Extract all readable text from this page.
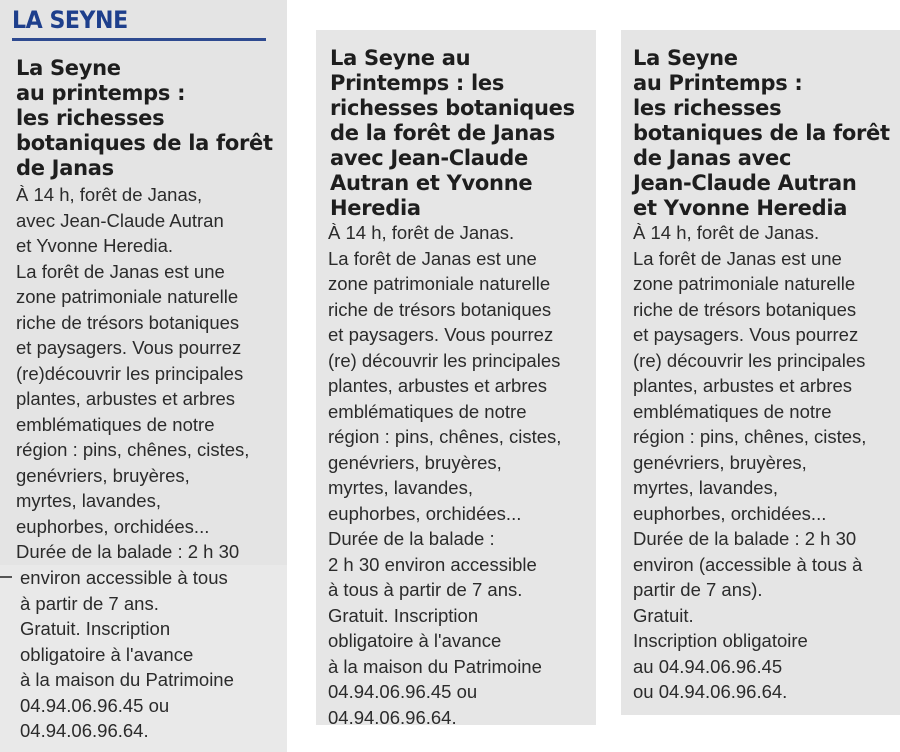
LA SEYNE
La Seyne
au printemps :
les richesses
botaniques de la forêt
de Janas

À 14 h, forêt de Janas,
avec Jean-Claude Autran
et Yvonne Heredia.
La forêt de Janas est une
zone patrimoniale naturelle
riche de trésors botaniques
et paysagers. Vous pourrez
(re)découvrir les principales
plantes, arbustes et arbres
emblématiques de notre
région : pins, chênes, cistes,
genévriers, bruyères,
myrtes, lavandes,
euphorbes, orchidées...
Durée de la balade : 2 h 30

environ accessible à tous
à partir de 7 ans.
Gratuit. Inscription
obligatoire à l'avance
à la maison du Patrimoine
04.94.06.96.45 ou
04.94.06.96.64.

La Seyne au
Printemps : les
richesses botaniques
de la forêt de Janas
avec Jean-Claude
Autran et Yvonne
Heredia

À 14 h, forêt de Janas.
La forêt de Janas est une
zone patrimoniale naturelle
riche de trésors botaniques
et paysagers. Vous pourrez
(re) découvrir les principales
plantes, arbustes et arbres
emblématiques de notre
région : pins, chênes, cistes,
genévriers, bruyères,
myrtes, lavandes,
euphorbes, orchidées...
Durée de la balade :
2 h 30 environ accessible
à tous à partir de 7 ans.
Gratuit. Inscription
obligatoire à l'avance
à la maison du Patrimoine
04.94.06.96.45 ou
04.94.06.96.64.

La Seyne
au Printemps :
les richesses
botaniques de la forêt
de Janas avec
Jean-Claude Autran
et Yvonne Heredia

À 14 h, forêt de Janas.
La forêt de Janas est une
zone patrimoniale naturelle
riche de trésors botaniques
et paysagers. Vous pourrez
(re) découvrir les principales
plantes, arbustes et arbres
emblématiques de notre
région : pins, chênes, cistes,
genévriers, bruyères,
myrtes, lavandes,
euphorbes, orchidées...
Durée de la balade : 2 h 30
environ (accessible à tous à
partir de 7 ans).
Gratuit.
Inscription obligatoire
au 04.94.06.96.45
ou 04.94.06.96.64.
